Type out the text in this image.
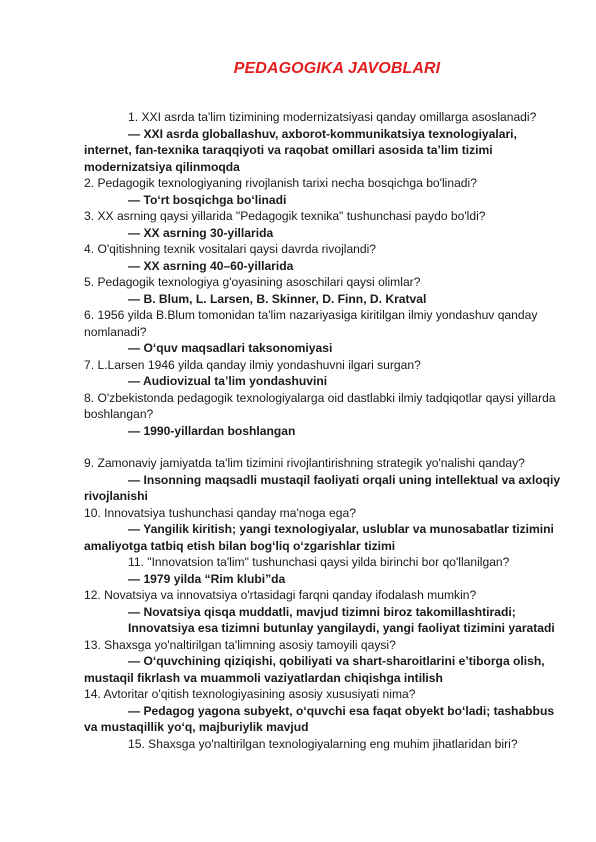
PEDAGOGIKA JAVOBLARI

1. XXI asrda ta'lim tizimining modernizatsiyasi qanday omillarga asoslanadi?

— XXI asrda globallashuv, axborot-kommunikatsiya texnologiyalari, internet, fan-texnika taraqqiyoti va raqobat omillari asosida ta’lim tizimi modernizatsiya qilinmoqda

2. Pedagogik texnologiyaning rivojlanish tarixi necha bosqichga bo'linadi?

— To‘rt bosqichga bo‘linadi

3. XX asrning qaysi yillarida "Pedagogik texnika" tushunchasi paydo bo'ldi?

— XX asrning 30-yillarida

4. O'qitishning texnik vositalari qaysi davrda rivojlandi?

— XX asrning 40–60-yillarida

5. Pedagogik texnologiya g'oyasining asoschilari qaysi olimlar?

— B. Blum, L. Larsen, B. Skinner, D. Finn, D. Kratval

6. 1956 yilda B.Blum tomonidan ta'lim nazariyasiga kiritilgan ilmiy yondashuv qanday nomlanadi?

— O‘quv maqsadlari taksonomiyasi

7. L.Larsen 1946 yilda qanday ilmiy yondashuvni ilgari surgan?

— Audiovizual ta’lim yondashuvini

8. O'zbekistonda pedagogik texnologiyalarga oid dastlabki ilmiy tadqiqotlar qaysi yillarda boshlangan?

— 1990-yillardan boshlangan

9. Zamonaviy jamiyatda ta'lim tizimini rivojlantirishning strategik yo'nalishi qanday?

— Insonning maqsadli mustaqil faoliyati orqali uning intellektual va axloqiy rivojlanishi

10. Innovatsiya tushunchasi qanday ma'noga ega?

— Yangilik kiritish; yangi texnologiyalar, uslublar va munosabatlar tizimini amaliyotga tatbiq etish bilan bog‘liq o‘zgarishlar tizimi

11. "Innovatsion ta'lim" tushunchasi qaysi yilda birinchi bor qo'llanilgan?

— 1979 yilda “Rim klubi”da

12. Novatsiya va innovatsiya o'rtasidagi farqni qanday ifodalash mumkin?

— Novatsiya qisqa muddatli, mavjud tizimni biroz takomillashtiradi; Innovatsiya esa tizimni butunlay yangilaydi, yangi faoliyat tizimini yaratadi

13. Shaxsga yo'naltirilgan ta'limning asosiy tamoyili qaysi?

— O‘quvchining qiziqishi, qobiliyati va shart-sharoitlarini e’tiborga olish, mustaqil fikrlash va muammoli vaziyatlardan chiqishga intilish

14. Avtoritar o'qitish texnologiyasining asosiy xususiyati nima?

— Pedagog yagona subyekt, o‘quvchi esa faqat obyekt bo‘ladi; tashabbus va mustaqillik yo‘q, majburiylik mavjud

15. Shaxsga yo'naltirilgan texnologiyalarning eng muhim jihatlaridan biri?
